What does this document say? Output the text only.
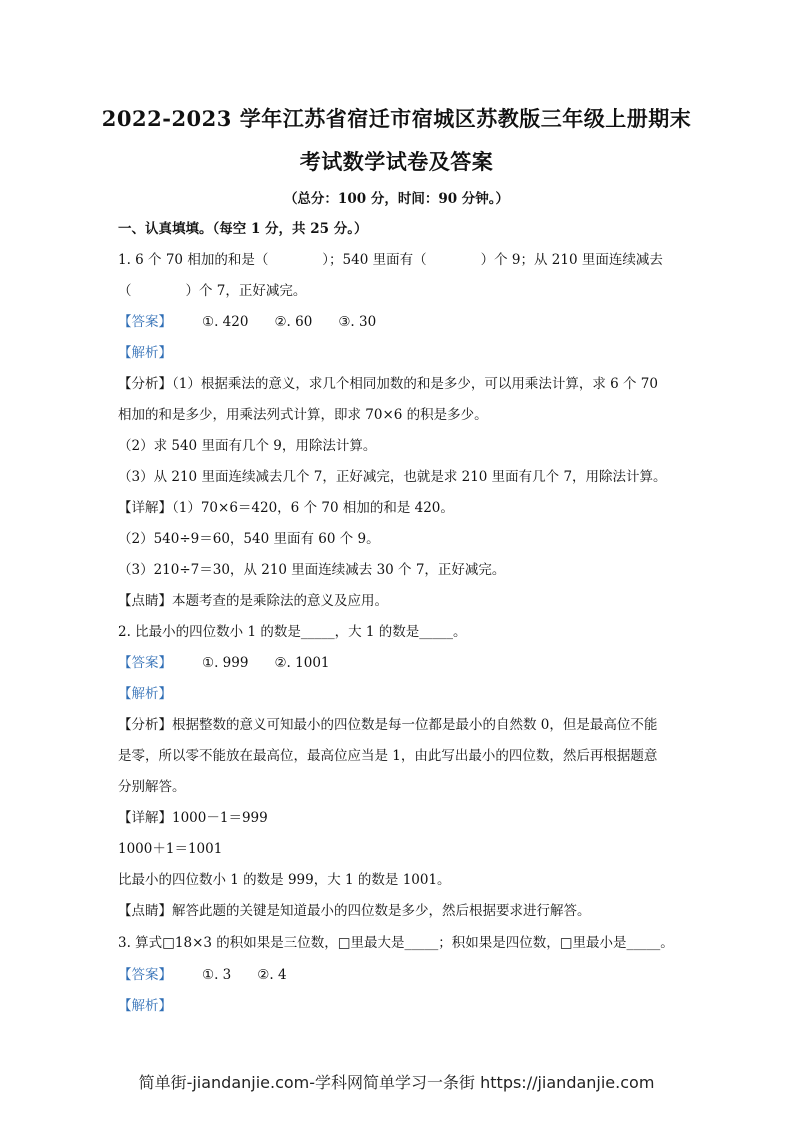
2022-2023 学年江苏省宿迁市宿城区苏教版三年级上册期末
考试数学试卷及答案
（总分：100 分，时间：90 分钟。）
一、认真填填。（每空 1 分，共 25 分。）
1. 6 个 70 相加的和是（　　　　）；540 里面有（　　　　）个 9；从 210 里面连续减去
（　　　　）个 7，正好减完。
【答案】 ①. 420 ②. 60 ③. 30
【解析】
【分析】（1）根据乘法的意义，求几个相同加数的和是多少，可以用乘法计算，求 6 个 70
相加的和是多少，用乘法列式计算，即求 70×6 的积是多少。
（2）求 540 里面有几个 9，用除法计算。
（3）从 210 里面连续减去几个 7，正好减完，也就是求 210 里面有几个 7，用除法计算。
【详解】（1）70×6＝420，6 个 70 相加的和是 420。
（2）540÷9＝60，540 里面有 60 个 9。
（3）210÷7＝30，从 210 里面连续减去 30 个 7，正好减完。
【点睛】本题考查的是乘除法的意义及应用。
2. 比最小的四位数小 1 的数是_____，大 1 的数是_____。
【答案】 ①. 999 ②. 1001
【解析】
【分析】根据整数的意义可知最小的四位数是每一位都是最小的自然数 0，但是最高位不能
是零，所以零不能放在最高位，最高位应当是 1，由此写出最小的四位数，然后再根据题意
分别解答。
【详解】1000－1＝999
1000＋1＝1001
比最小的四位数小 1 的数是 999，大 1 的数是 1001。
【点睛】解答此题的关键是知道最小的四位数是多少，然后根据要求进行解答。
3. 算式□18×3 的积如果是三位数，□里最大是_____；积如果是四位数，□里最小是_____。
【答案】 ①. 3 ②. 4
【解析】
简单街-jiandanjie.com-学科网简单学习一条街 https://jiandanjie.com
